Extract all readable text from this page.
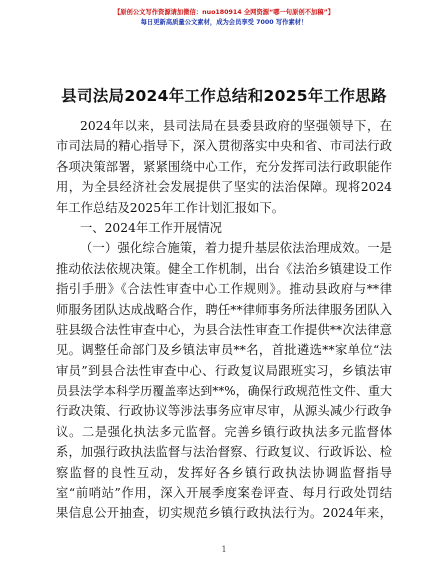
【原创公文写作资源请加微信：nuo180914 全网资源“哪一句原创不加稿”】
每日更新高质量公文素材，成为会员享受 7000 写作素材！
县司法局2024年工作总结和2025年工作思路
2024年以来，县司法局在县委县政府的坚强领导下，在
市司法局的精心指导下，深入贯彻落实中央和省、市司法行政
各项决策部署，紧紧围绕中心工作，充分发挥司法行政职能作
用，为全县经济社会发展提供了坚实的法治保障。现将2024
年工作总结及2025年工作计划汇报如下。
一、2024年工作开展情况
（一）强化综合施策，着力提升基层依法治理成效。一是
推动依法依规决策。健全工作机制，出台《法治乡镇建设工作
指引手册》《合法性审查中心工作规则》。推动县政府与**律
师服务团队达成战略合作，聘任**律师事务所法律服务团队入
驻县级合法性审查中心，为县合法性审查工作提供**次法律意
见。调整任命部门及乡镇法审员**名，首批遴选**家单位“法
审员”到县合法性审查中心、行政复议局跟班实习，乡镇法审
员县法学本科学历覆盖率达到**%，确保行政规范性文件、重大
行政决策、行政协议等涉法事务应审尽审，从源头减少行政争
议。二是强化执法多元监督。完善乡镇行政执法多元监督体
系，加强行政执法监督与法治督察、行政复议、行政诉讼、检
察监督的良性互动，发挥好各乡镇行政执法协调监督指导
室“前哨站”作用，深入开展季度案卷评查、每月行政处罚结
果信息公开抽查，切实规范乡镇行政执法行为。2024年来，
1
